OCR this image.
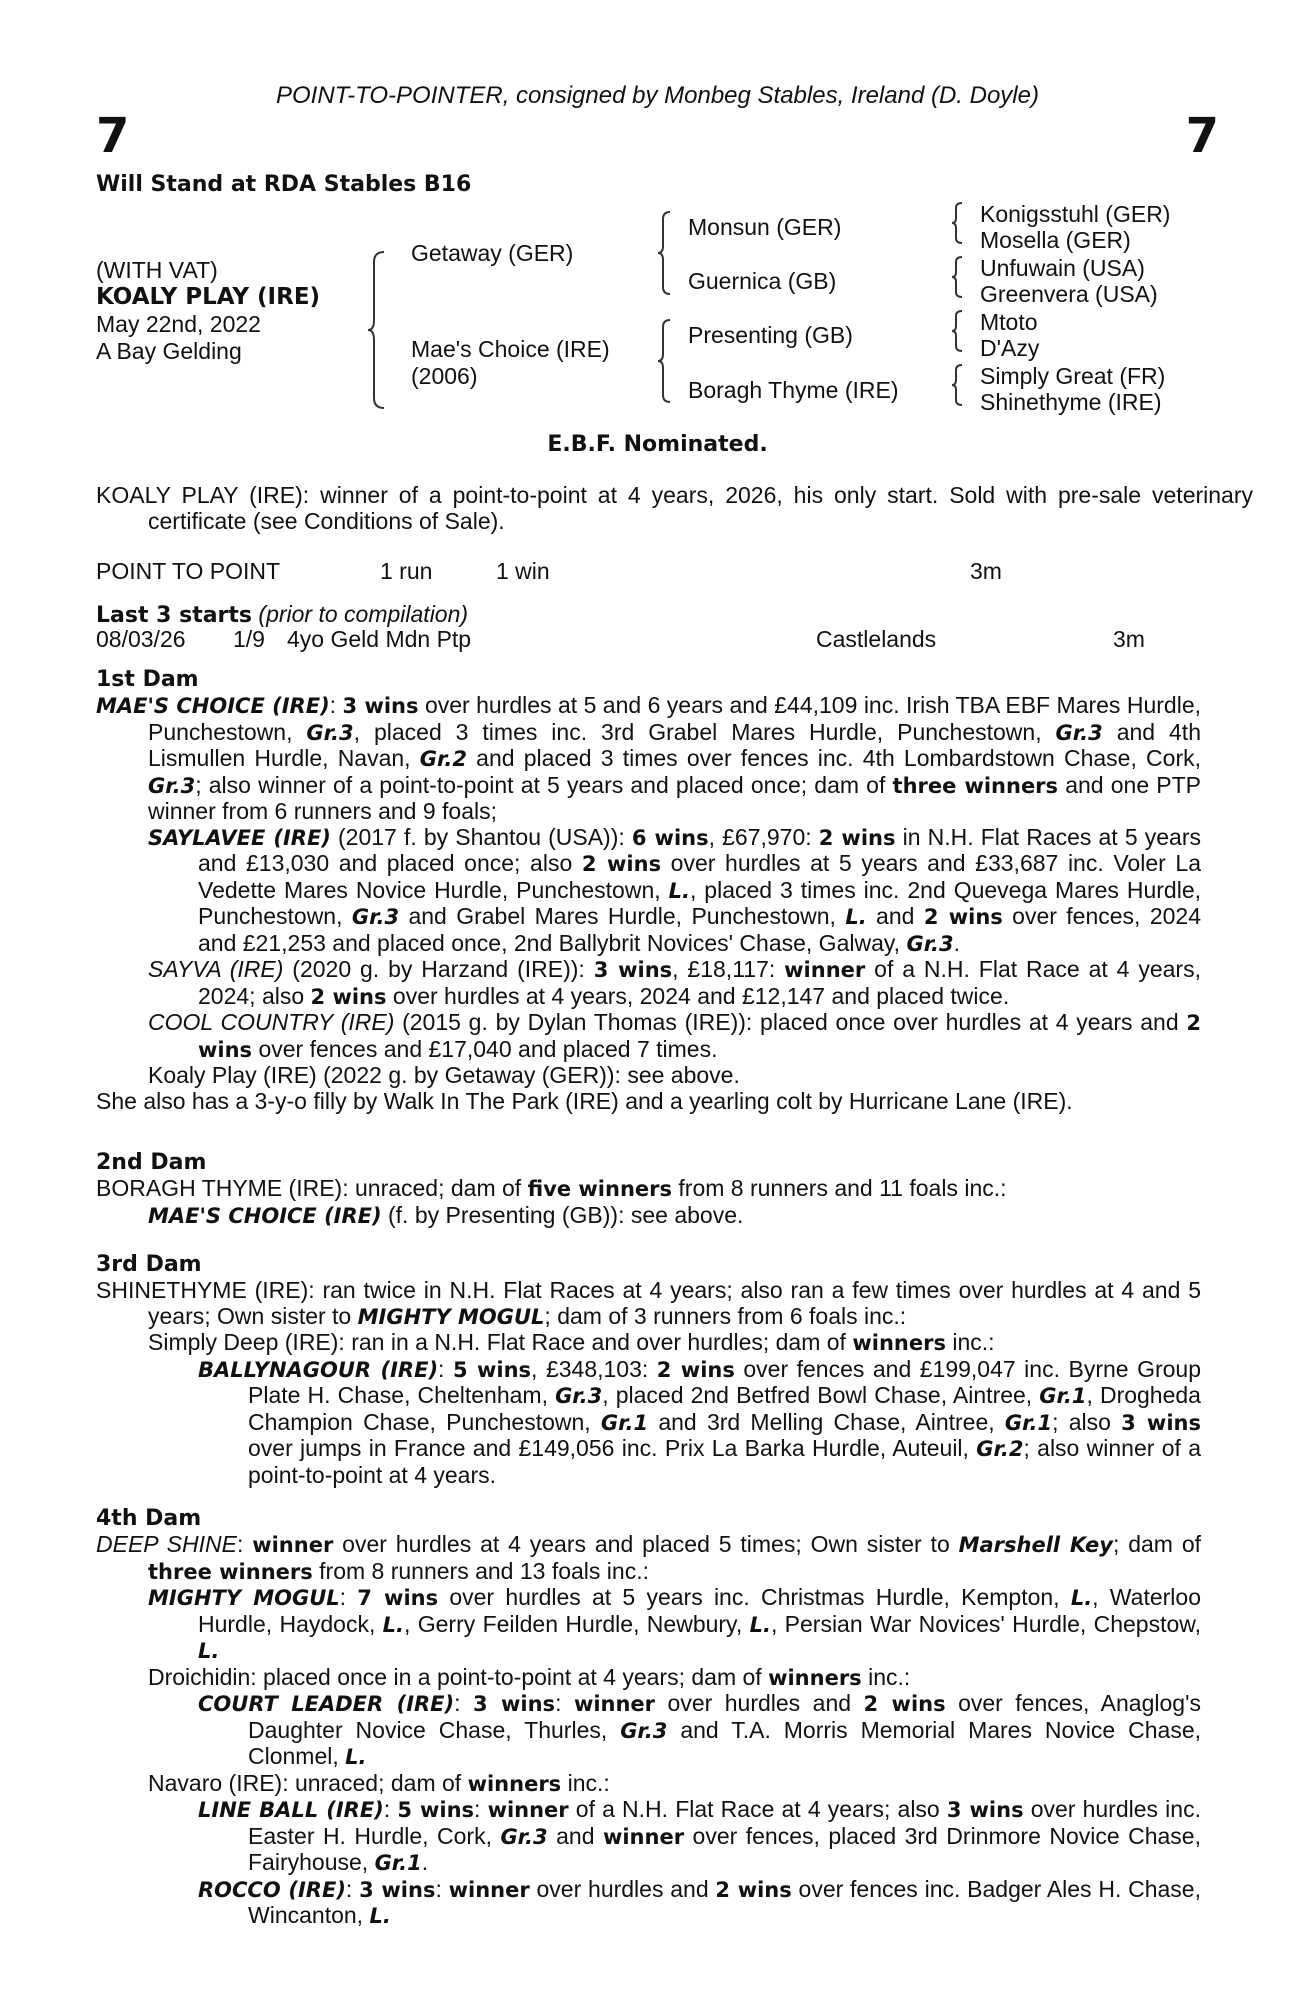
POINT-TO-POINTER, consigned by Monbeg Stables, Ireland (D. Doyle)
7	7
Will Stand at RDA Stables B16
(WITH VAT)
KOALY PLAY (IRE)
May 22nd, 2022
A Bay Gelding
Getaway (GER)
Mae's Choice (IRE)
(2006)
Monsun (GER)
Guernica (GB)
Presenting (GB)
Boragh Thyme (IRE)
Konigsstuhl (GER)
Mosella (GER)
Unfuwain (USA)
Greenvera (USA)
Mtoto
D'Azy
Simply Great (FR)
Shinethyme (IRE)
E.B.F. Nominated.
KOALY PLAY (IRE): winner of a point-to-point at 4 years, 2026, his only start. Sold with pre-sale veterinary certificate (see Conditions of Sale).
POINT TO POINT	1 run	1 win	3m
Last 3 starts (prior to compilation)
08/03/26 1/9 4yo Geld Mdn Ptp	Castlelands	3m
1st Dam
MAE'S CHOICE (IRE): 3 wins over hurdles at 5 and 6 years and £44,109 inc. Irish TBA EBF Mares Hurdle, Punchestown, Gr.3, placed 3 times inc. 3rd Grabel Mares Hurdle, Punchestown, Gr.3 and 4th Lismullen Hurdle, Navan, Gr.2 and placed 3 times over fences inc. 4th Lombardstown Chase, Cork, Gr.3; also winner of a point-to-point at 5 years and placed once; dam of three winners and one PTP winner from 6 runners and 9 foals;
SAYLAVEE (IRE) (2017 f. by Shantou (USA)): 6 wins, £67,970: 2 wins in N.H. Flat Races at 5 years and £13,030 and placed once; also 2 wins over hurdles at 5 years and £33,687 inc. Voler La Vedette Mares Novice Hurdle, Punchestown, L., placed 3 times inc. 2nd Quevega Mares Hurdle, Punchestown, Gr.3 and Grabel Mares Hurdle, Punchestown, L. and 2 wins over fences, 2024 and £21,253 and placed once, 2nd Ballybrit Novices' Chase, Galway, Gr.3.
SAYVA (IRE) (2020 g. by Harzand (IRE)): 3 wins, £18,117: winner of a N.H. Flat Race at 4 years, 2024; also 2 wins over hurdles at 4 years, 2024 and £12,147 and placed twice.
COOL COUNTRY (IRE) (2015 g. by Dylan Thomas (IRE)): placed once over hurdles at 4 years and 2 wins over fences and £17,040 and placed 7 times.
Koaly Play (IRE) (2022 g. by Getaway (GER)): see above.
She also has a 3-y-o filly by Walk In The Park (IRE) and a yearling colt by Hurricane Lane (IRE).
2nd Dam
BORAGH THYME (IRE): unraced; dam of five winners from 8 runners and 11 foals inc.:
MAE'S CHOICE (IRE) (f. by Presenting (GB)): see above.
3rd Dam
SHINETHYME (IRE): ran twice in N.H. Flat Races at 4 years; also ran a few times over hurdles at 4 and 5 years; Own sister to MIGHTY MOGUL; dam of 3 runners from 6 foals inc.:
Simply Deep (IRE): ran in a N.H. Flat Race and over hurdles; dam of winners inc.:
BALLYNAGOUR (IRE): 5 wins, £348,103: 2 wins over fences and £199,047 inc. Byrne Group Plate H. Chase, Cheltenham, Gr.3, placed 2nd Betfred Bowl Chase, Aintree, Gr.1, Drogheda Champion Chase, Punchestown, Gr.1 and 3rd Melling Chase, Aintree, Gr.1; also 3 wins over jumps in France and £149,056 inc. Prix La Barka Hurdle, Auteuil, Gr.2; also winner of a point-to-point at 4 years.
4th Dam
DEEP SHINE: winner over hurdles at 4 years and placed 5 times; Own sister to Marshell Key; dam of three winners from 8 runners and 13 foals inc.:
MIGHTY MOGUL: 7 wins over hurdles at 5 years inc. Christmas Hurdle, Kempton, L., Waterloo Hurdle, Haydock, L., Gerry Feilden Hurdle, Newbury, L., Persian War Novices' Hurdle, Chepstow, L.
Droichidin: placed once in a point-to-point at 4 years; dam of winners inc.:
COURT LEADER (IRE): 3 wins: winner over hurdles and 2 wins over fences, Anaglog's Daughter Novice Chase, Thurles, Gr.3 and T.A. Morris Memorial Mares Novice Chase, Clonmel, L.
Navaro (IRE): unraced; dam of winners inc.:
LINE BALL (IRE): 5 wins: winner of a N.H. Flat Race at 4 years; also 3 wins over hurdles inc. Easter H. Hurdle, Cork, Gr.3 and winner over fences, placed 3rd Drinmore Novice Chase, Fairyhouse, Gr.1.
ROCCO (IRE): 3 wins: winner over hurdles and 2 wins over fences inc. Badger Ales H. Chase, Wincanton, L.
